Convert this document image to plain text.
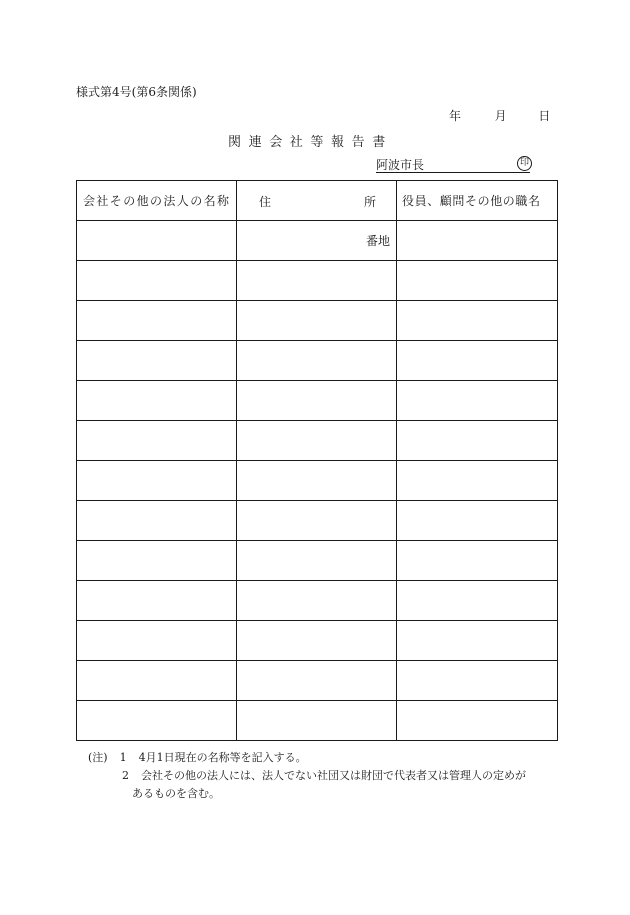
様式第4号(第6条関係)
年	月	日
関連会社等報告書
阿波市長	印
会社その他の法人の名称	住 所	役員、顧問その他の職名
	番地	

(注) 1 4月1日現在の名称等を記入する。
2 会社その他の法人には、法人でない社団又は財団で代表者又は管理人の定めが
あるものを含む。
